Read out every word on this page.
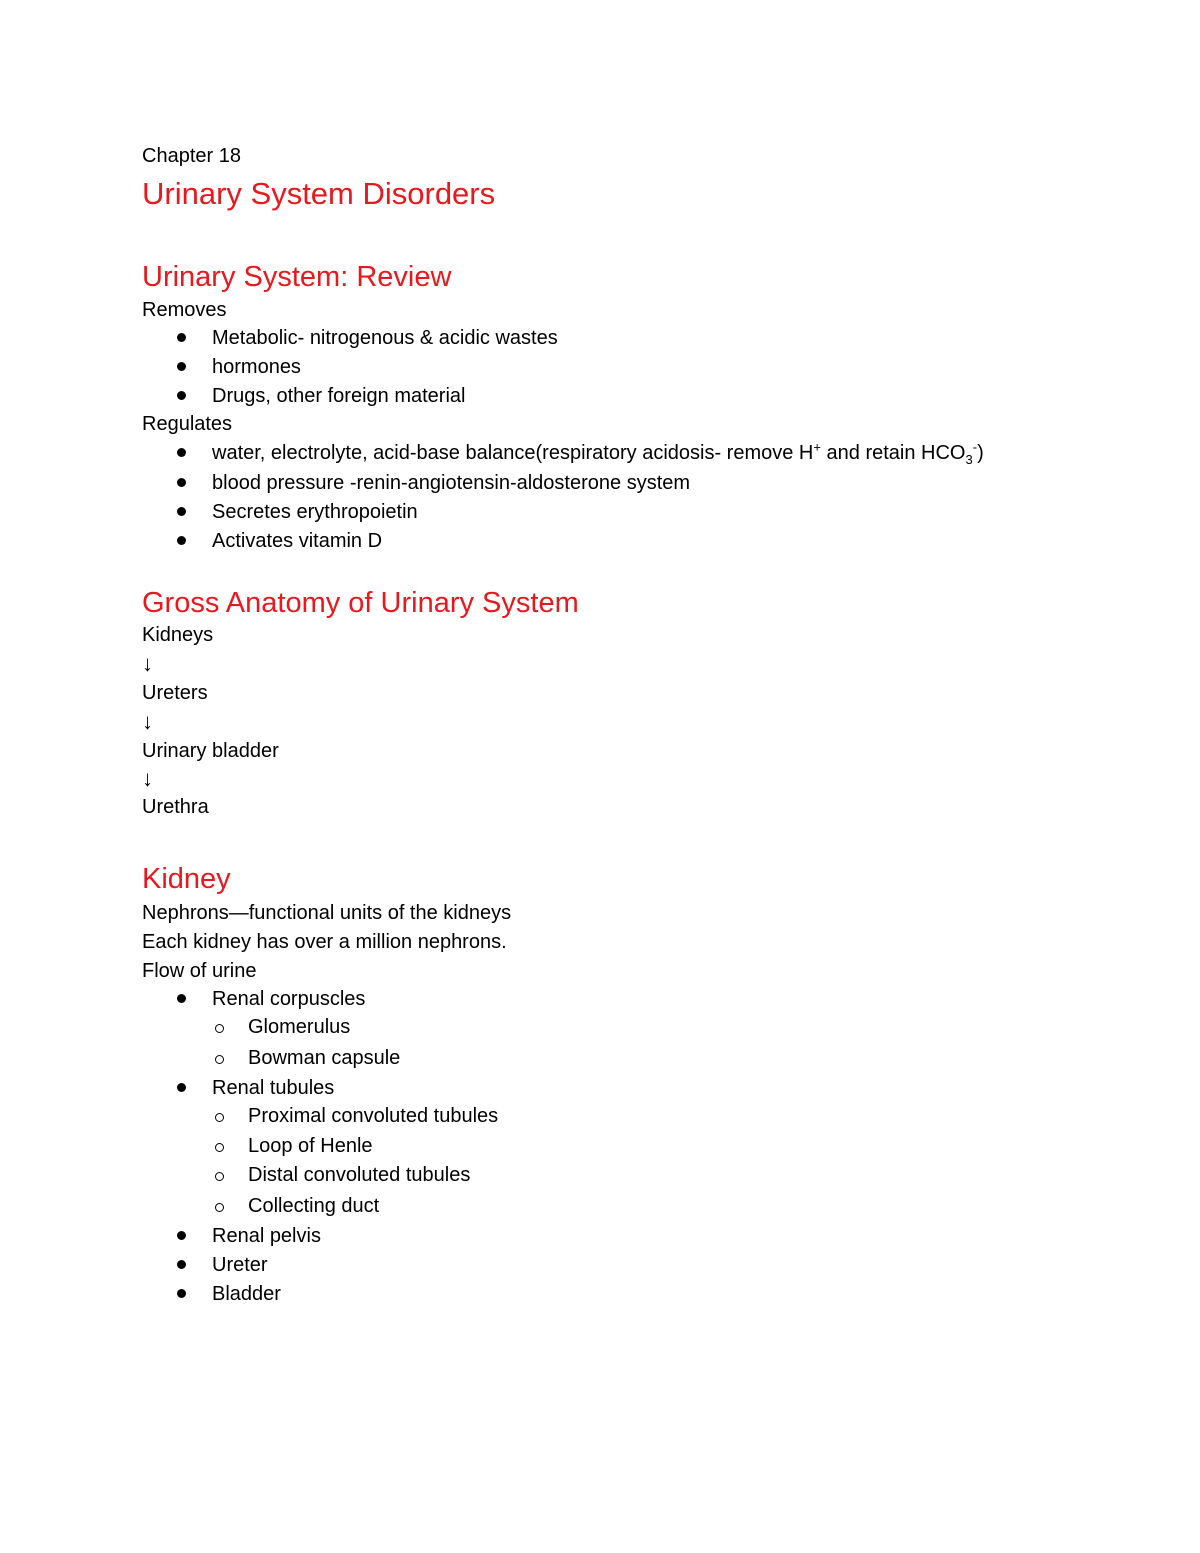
Chapter 18
Urinary System Disorders
Urinary System: Review
Removes
Metabolic- nitrogenous & acidic wastes
hormones
Drugs, other foreign material
Regulates
water, electrolyte, acid-base balance(respiratory acidosis- remove H+ and retain $HCO_3^-$)
blood pressure -renin-angiotensin-aldosterone system
Secretes erythropoietin
Activates vitamin D
Gross Anatomy of Urinary System
Kidneys
↓
Ureters
↓
Urinary bladder
↓
Urethra
Kidney
Nephrons—functional units of the kidneys
Each kidney has over a million nephrons.
Flow of urine
Renal corpuscles
Glomerulus
Bowman capsule
Renal tubules
Proximal convoluted tubules
Loop of Henle
Distal convoluted tubules
Collecting duct
Renal pelvis
Ureter
Bladder
